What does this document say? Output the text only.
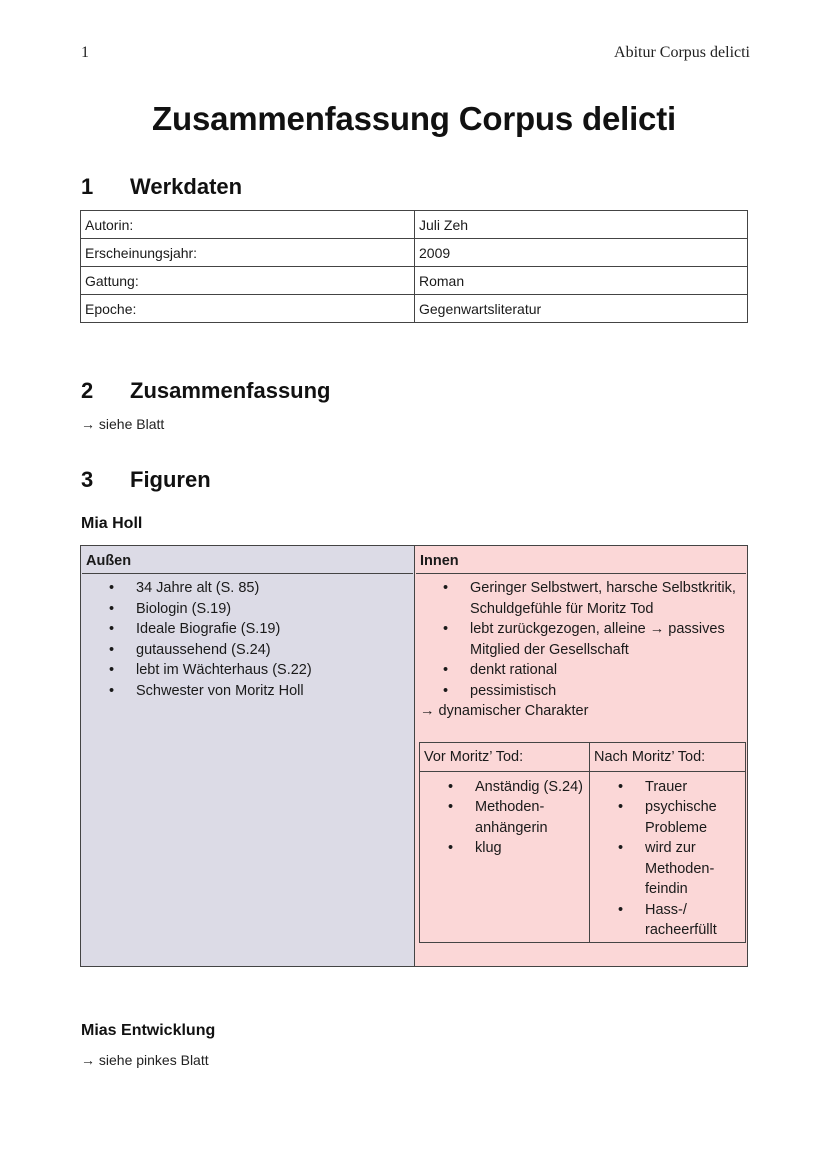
1	Abitur Corpus delicti
Zusammenfassung Corpus delicti
1 Werkdaten
Autorin:	Juli Zeh
Erscheinungsjahr:	2009
Gattung:	Roman
Epoche:	Gegenwartsliteratur
2 Zusammenfassung
→ siehe Blatt
3 Figuren
Mia Holl
Außen
• 34 Jahre alt (S. 85)
• Biologin (S.19)
• Ideale Biografie (S.19)
• gutaussehend (S.24)
• lebt im Wächterhaus (S.22)
• Schwester von Moritz Holl

Innen
• Geringer Selbstwert, harsche Selbstkritik, Schuldgefühle für Moritz Tod
• lebt zurückgezogen, alleine → passives Mitglied der Gesellschaft
• denkt rational
• pessimistisch
→ dynamischer Charakter
Vor Moritz’ Tod:	Nach Moritz’ Tod:

• Anständig (S.24)
• Methoden-anhängerin
• klug

• Trauer
• psychische Probleme
• wird zur Methoden-feindin
• Hass-/ racheerfüllt
Mias Entwicklung
→ siehe pinkes Blatt
